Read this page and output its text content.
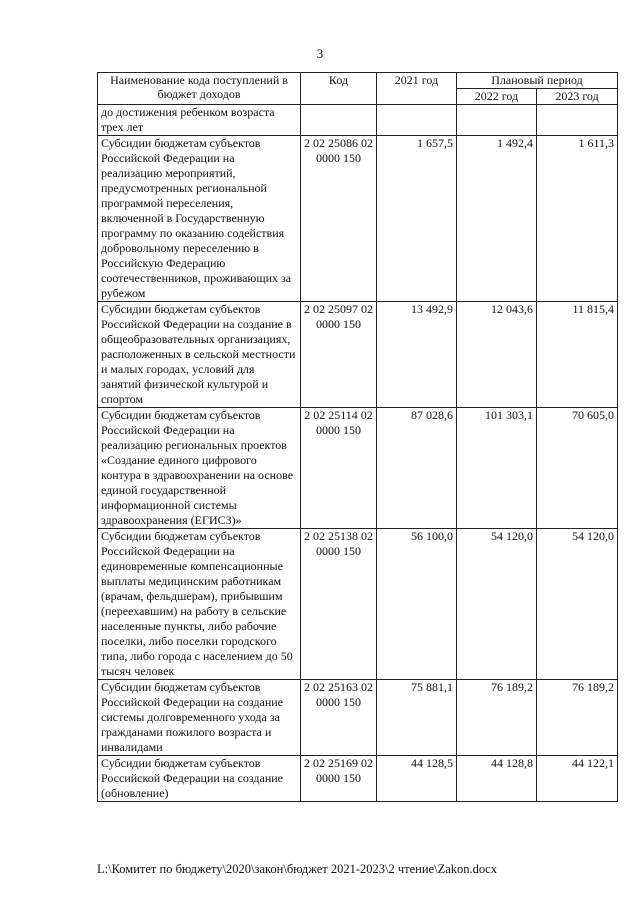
3
Наименование кода поступлений в бюджет доходов	Код	2021 год	Плановый период	
			2022 год	2023 год
до достижения ребенком возраста трех лет				
Субсидии бюджетам субъектов Российской Федерации на реализацию мероприятий, предусмотренных региональной программой переселения, включенной в Государственную программу по оказанию содействия добровольному переселению в Российскую Федерацию соотечественников, проживающих за рубежом	2 02 25086 02 0000 150	1 657,5	1 492,4	1 611,3
Субсидии бюджетам субъектов Российской Федерации на создание в общеобразовательных организациях, расположенных в сельской местности и малых городах, условий для занятий физической культурой и спортом	2 02 25097 02 0000 150	13 492,9	12 043,6	11 815,4
Субсидии бюджетам субъектов Российской Федерации на реализацию региональных проектов «Создание единого цифрового контура в здравоохранении на основе единой государственной информационной системы здравоохранения (ЕГИСЗ)»	2 02 25114 02 0000 150	87 028,6	101 303,1	70 605,0
Субсидии бюджетам субъектов Российской Федерации на единовременные компенсационные выплаты медицинским работникам (врачам, фельдшерам), прибывшим (переехавшим) на работу в сельские населенные пункты, либо рабочие поселки, либо поселки городского типа, либо города с населением до 50 тысяч человек	2 02 25138 02 0000 150	56 100,0	54 120,0	54 120,0
Субсидии бюджетам субъектов Российской Федерации на создание системы долговременного ухода за гражданами пожилого возраста и инвалидами	2 02 25163 02 0000 150	75 881,1	76 189,2	76 189,2
Субсидии бюджетам субъектов Российской Федерации на создание (обновление)	2 02 25169 02 0000 150	44 128,5	44 128,8	44 122,1
L:\Комитет по бюджету\2020\закон\бюджет 2021-2023\2 чтение\Zakon.docx
